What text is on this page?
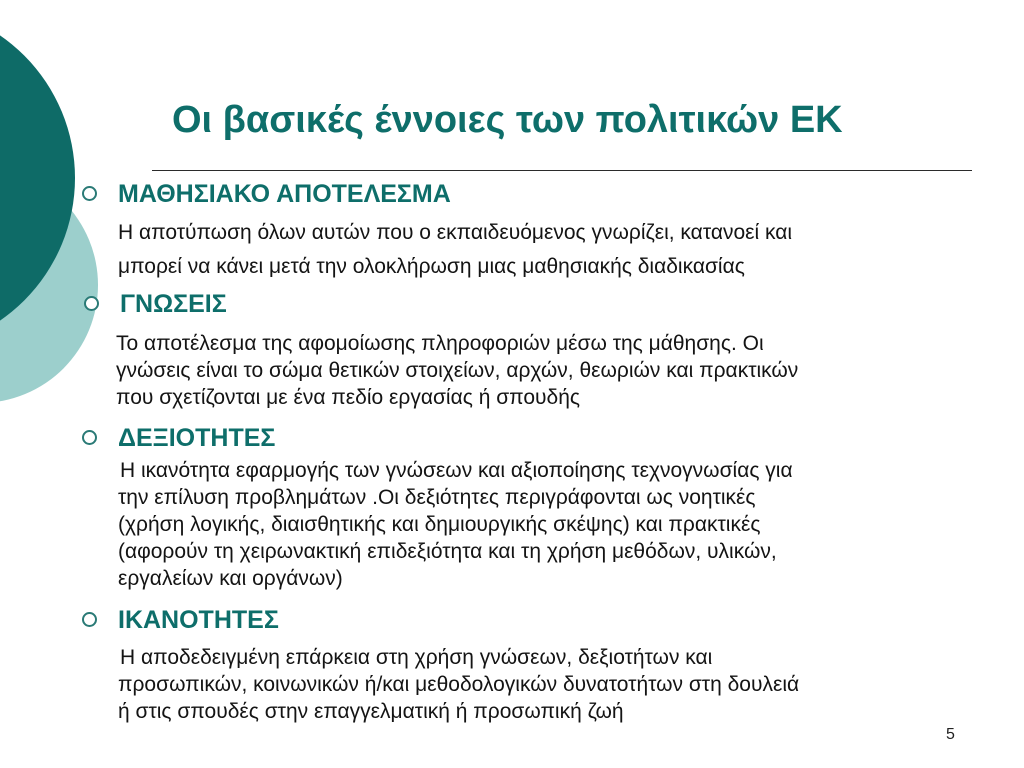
Οι βασικές έννοιες των πολιτικών ΕΚ
ΜΑΘΗΣΙΑΚΟ ΑΠΟΤΕΛΕΣΜΑ

Η αποτύπωση όλων αυτών που ο εκπαιδευόμενος γνωρίζει, κατανοεί και

μπορεί να κάνει μετά την ολοκλήρωση μιας μαθησιακής διαδικασίας

ΓΝΩΣΕΙΣ

Το αποτέλεσμα της αφομοίωσης πληροφοριών μέσω της μάθησης. Οι

γνώσεις είναι το σώμα θετικών στοιχείων, αρχών, θεωριών και πρακτικών

που σχετίζονται με ένα πεδίο εργασίας ή σπουδής

ΔΕΞΙΟΤΗΤΕΣ

Η ικανότητα εφαρμογής των γνώσεων και αξιοποίησης τεχνογνωσίας για

την επίλυση προβλημάτων .Οι δεξιότητες περιγράφονται ως νοητικές

(χρήση λογικής, διαισθητικής και δημιουργικής σκέψης) και πρακτικές

(αφορούν τη χειρωνακτική επιδεξιότητα και τη χρήση μεθόδων, υλικών,

εργαλείων και οργάνων)

ΙΚΑΝΟΤΗΤΕΣ

Η αποδεδειγμένη επάρκεια στη χρήση γνώσεων, δεξιοτήτων και

προσωπικών, κοινωνικών ή/και μεθοδολογικών δυνατοτήτων στη δουλειά

ή στις σπουδές στην επαγγελματική ή προσωπική ζωή

5
